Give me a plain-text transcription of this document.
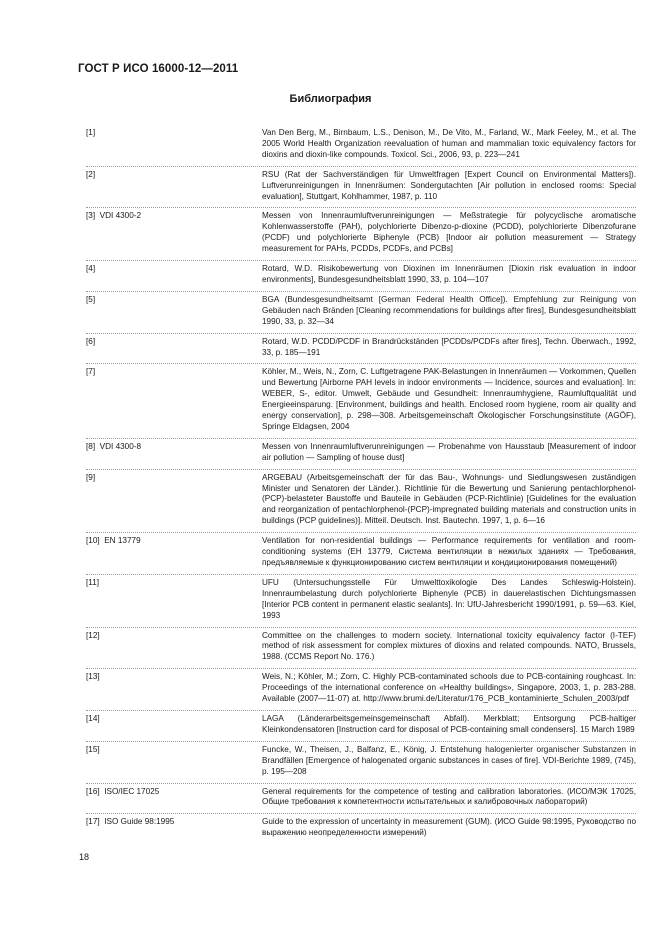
ГОСТ Р ИСО 16000-12—2011
Библиография
[1]	Van Den Berg, M., Birnbaum, L.S., Denison, M., De Vito, M., Farland, W., Mark Feeley, M., et al. The 2005 World Health Organization reevaluation of human and mammalian toxic equivalency factors for dioxins and dioxin-like compounds. Toxicol. Sci., 2006, 93, p. 223—241
[2]	RSU (Rat der Sachverständigen für Umweltfragen [Expert Council on Environmental Matters]). Luftverunreinigungen in Innenräumen: Sondergutachten [Air pollution in enclosed rooms: Special evaluation], Stuttgart, Kohlhammer, 1987, p. 110
[3]  VDI 4300-2	Messen von Innenraumluftverunreinigungen — Meßstrategie für polycyclische aromatische Kohlenwasserstoffe (PAH), polychlorierte Dibenzo-p-dioxine (PCDD), polychlorierte Dibenzofurane (PCDF) und polychlorierte Biphenyle (PCB) [Indoor air pollution measurement — Strategy measurement for PAHs, PCDDs, PCDFs, and PCBs]
[4]	Rotard, W.D. Risikobewertung von Dioxinen im Innenräumen [Dioxin risk evaluation in indoor environments], Bundesgesundheitsblatt 1990, 33, p. 104—107
[5]	BGA (Bundesgesundheitsamt [German Federal Health Office]). Empfehlung zur Reinigung von Gebäuden nach Bränden [Cleaning recommendations for buildings after fires], Bundesgesundheitsblatt 1990, 33, p. 32—34
[6]	Rotard, W.D. PCDD/PCDF in Brandrückständen [PCDDs/PCDFs after fires], Techn. Überwach., 1992, 33, p. 185—191
[7]	Köhler, M., Weis, N., Zorn, C. Luftgetragene PAK-Belastungen in Innenräumen — Vorkommen, Quellen und Bewertung [Airborne PAH levels in indoor environments — Incidence, sources and evaluation]. In: WEBER, S-, editor. Umwelt, Gebäude und Gesundheit: Innenraumhygiene, Raumluftqualität und Energieeinsparung. [Environment, buildings and health. Enclosed room hygiene, room air quality and energy conservation], p. 298—308. Arbeitsgemeinschaft Ökologischer Forschungsinstitute (AGÖF), Springe Eldagsen, 2004
[8]  VDI 4300-8	Messen von Innenraumluftverunreinigungen — Probenahme von Hausstaub [Measurement of indoor air pollution — Sampling of house dust]
[9]	ARGEBAU (Arbeitsgemeinschaft der für das Bau-, Wohnungs- und Siedlungswesen zuständigen Minister und Senatoren der Länder.). Richtlinie für die Bewertung und Sanierung pentachlorphenol-(PCP)-belasteter Baustoffe und Bauteile in Gebäuden (PCP-Richtlinie) [Guidelines for the evaluation and reorganization of pentachlorphenol-(PCP)-impregnated building materials and construction units in buildings (PCP guidelines)]. Mitteil. Deutsch. Inst. Bautechn. 1997, 1, p. 6—16
[10]  EN 13779	Ventilation for non-residential buildings — Performance requirements for ventilation and room-conditioning systems (EH 13779, Система вентиляции в нежилых зданиях — Требования, предъявляемые к функционированию систем вентиляции и кондиционирования помещений)
[11]	UFU (Untersuchungsstelle Für Umwelttoxikologie Des Landes Schleswig-Holstein). Innenraumbelastung durch polychlorierte Biphenyle (PCB) in dauerelastischen Dichtungsmassen [Interior PCB content in permanent elastic sealants]. In: UfU-Jahresbericht 1990/1991, p. 59—63. Kiel, 1993
[12]	Committee on the challenges to modern society. International toxicity equivalency factor (I-TEF) method of risk assessment for complex mixtures of dioxins and related compounds. NATO, Brussels, 1988. (CCMS Report No. 176.)
[13]	Weis, N.; Köhler, M.; Zorn, C. Highly PCB-contaminated schools due to PCB-containing roughcast. In: Proceedings of the international conference on «Healthy buildings», Singapore, 2003, 1, p. 283-288. Available (2007—11-07) at. http://www.brumi.de/Literatur/176_PCB_kontaminierte_Schulen_2003/pdf
[14]	LAGA (Länderarbeitsgemeinsgemeinschaft Abfall). Merkblatt; Entsorgung PCB-haltiger Kleinkondensatoren [Instruction card for disposal of PCB-containing small condensers]. 15 March 1989
[15]	Funcke, W., Theisen, J., Balfanz, E., König, J. Entstehung halogenierter organischer Substanzen in Brandfällen [Emergence of halogenated organic substances in cases of fire]. VDI-Berichte 1989, (745), p. 195—208
[16]  ISO/IEC 17025	General requirements for the competence of testing and calibration laboratories. (ИСО/МЭК 17025, Общие требования к компетентности испытательных и калибровочных лабораторий)
[17]  ISO Guide 98:1995	Guide to the expression of uncertainty in measurement (GUM). (ИСО Guide 98:1995, Руководство по выражению неопределенности измерений)
18
